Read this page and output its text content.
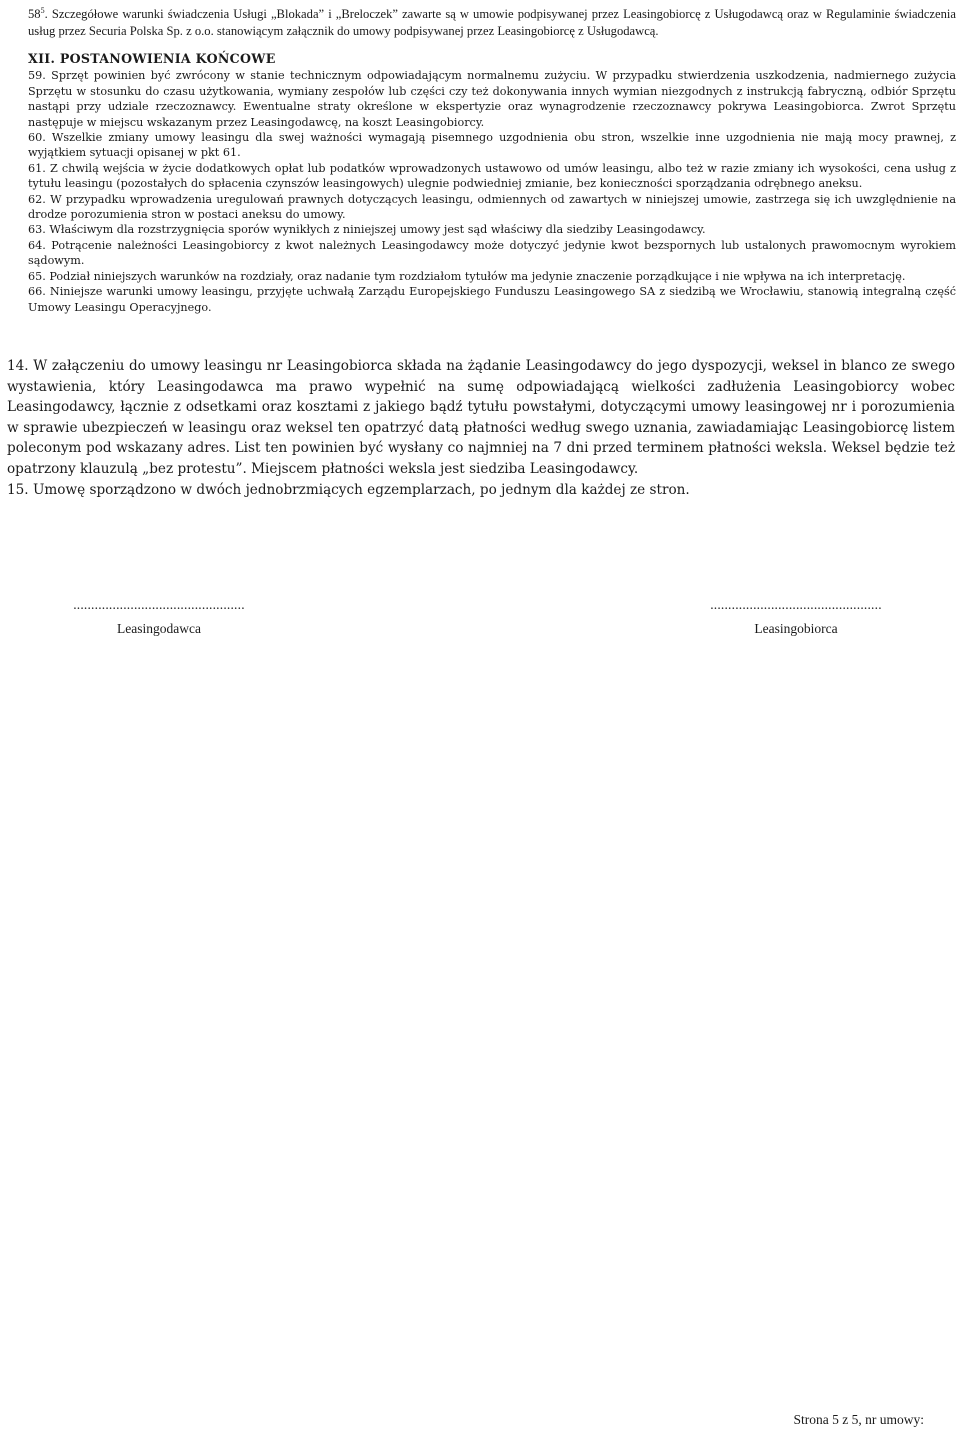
$58^5$. Szczegółowe warunki świadczenia Usługi „Blokada” i „Breloczek” zawarte są w umowie podpisywanej przez Leasingobiorcę z Usługodawcą oraz w Regulaminie świadczenia usług przez Securia Polska Sp. z o.o. stanowiącym załącznik do umowy podpisywanej przez Leasingobiorcę z Usługodawcą.

XII. POSTANOWIENIA KOŃCOWE

59. Sprzęt powinien być zwrócony w stanie technicznym odpowiadającym normalnemu zużyciu. W przypadku stwierdzenia uszkodzenia, nadmiernego zużycia Sprzętu w stosunku do czasu użytkowania, wymiany zespołów lub części czy też dokonywania innych wymian niezgodnych z instrukcją fabryczną, odbiór Sprzętu nastąpi przy udziale rzeczoznawcy. Ewentualne straty określone w ekspertyzie oraz wynagrodzenie rzeczoznawcy pokrywa Leasingobiorca. Zwrot Sprzętu następuje w miejscu wskazanym przez Leasingodawcę, na koszt Leasingobiorcy.

60. Wszelkie zmiany umowy leasingu dla swej ważności wymagają pisemnego uzgodnienia obu stron, wszelkie inne uzgodnienia nie mają mocy prawnej, z wyjątkiem sytuacji opisanej w pkt 61.

61. Z chwilą wejścia w życie dodatkowych opłat lub podatków wprowadzonych ustawowo od umów leasingu, albo też w razie zmiany ich wysokości, cena usług z tytułu leasingu (pozostałych do spłacenia czynszów leasingowych) ulegnie podwiedniej zmianie, bez konieczności sporządzania odrębnego aneksu.

62. W przypadku wprowadzenia uregulowań prawnych dotyczących leasingu, odmiennych od zawartych w niniejszej umowie, zastrzega się ich uwzględnienie na drodze porozumienia stron w postaci aneksu do umowy.

63. Właściwym dla rozstrzygnięcia sporów wynikłych z niniejszej umowy jest sąd właściwy dla siedziby Leasingodawcy.

64. Potrącenie należności Leasingobiorcy z kwot należnych Leasingodawcy może dotyczyć jedynie kwot bezspornych lub ustalonych prawomocnym wyrokiem sądowym.

65. Podział niniejszych warunków na rozdziały, oraz nadanie tym rozdziałom tytułów ma jedynie znaczenie porządkujące i nie wpływa na ich interpretację.

66. Niniejsze warunki umowy leasingu, przyjęte uchwałą Zarządu Europejskiego Funduszu Leasingowego SA z siedzibą we Wrocławiu, stanowią integralną część Umowy Leasingu Operacyjnego.

14. W załączeniu do umowy leasingu nr Leasingobiorca składa na żądanie Leasingodawcy do jego dyspozycji, weksel in blanco ze swego wystawienia, który Leasingodawca ma prawo wypełnić na sumę odpowiadającą wielkości zadłużenia Leasingobiorcy wobec Leasingodawcy, łącznie z odsetkami oraz kosztami z jakiego bądź tytułu powstałymi, dotyczącymi umowy leasingowej nr i porozumienia w sprawie ubezpieczeń w leasingu oraz weksel ten opatrzyć datą płatności według swego uznania, zawiadamiając Leasingobiorcę listem poleconym pod wskazany adres. List ten powinien być wysłany co najmniej na 7 dni przed terminem płatności weksla. Weksel będzie też opatrzony klauzulą „bez protestu”. Miejscem płatności weksla jest siedziba Leasingodawcy.

15. Umowę sporządzono w dwóch jednobrzmiących egzemplarzach, po jednym dla każdej ze stron.

................................................
Leasingodawca
................................................
Leasingobiorca
Strona 5 z 5, nr umowy:
